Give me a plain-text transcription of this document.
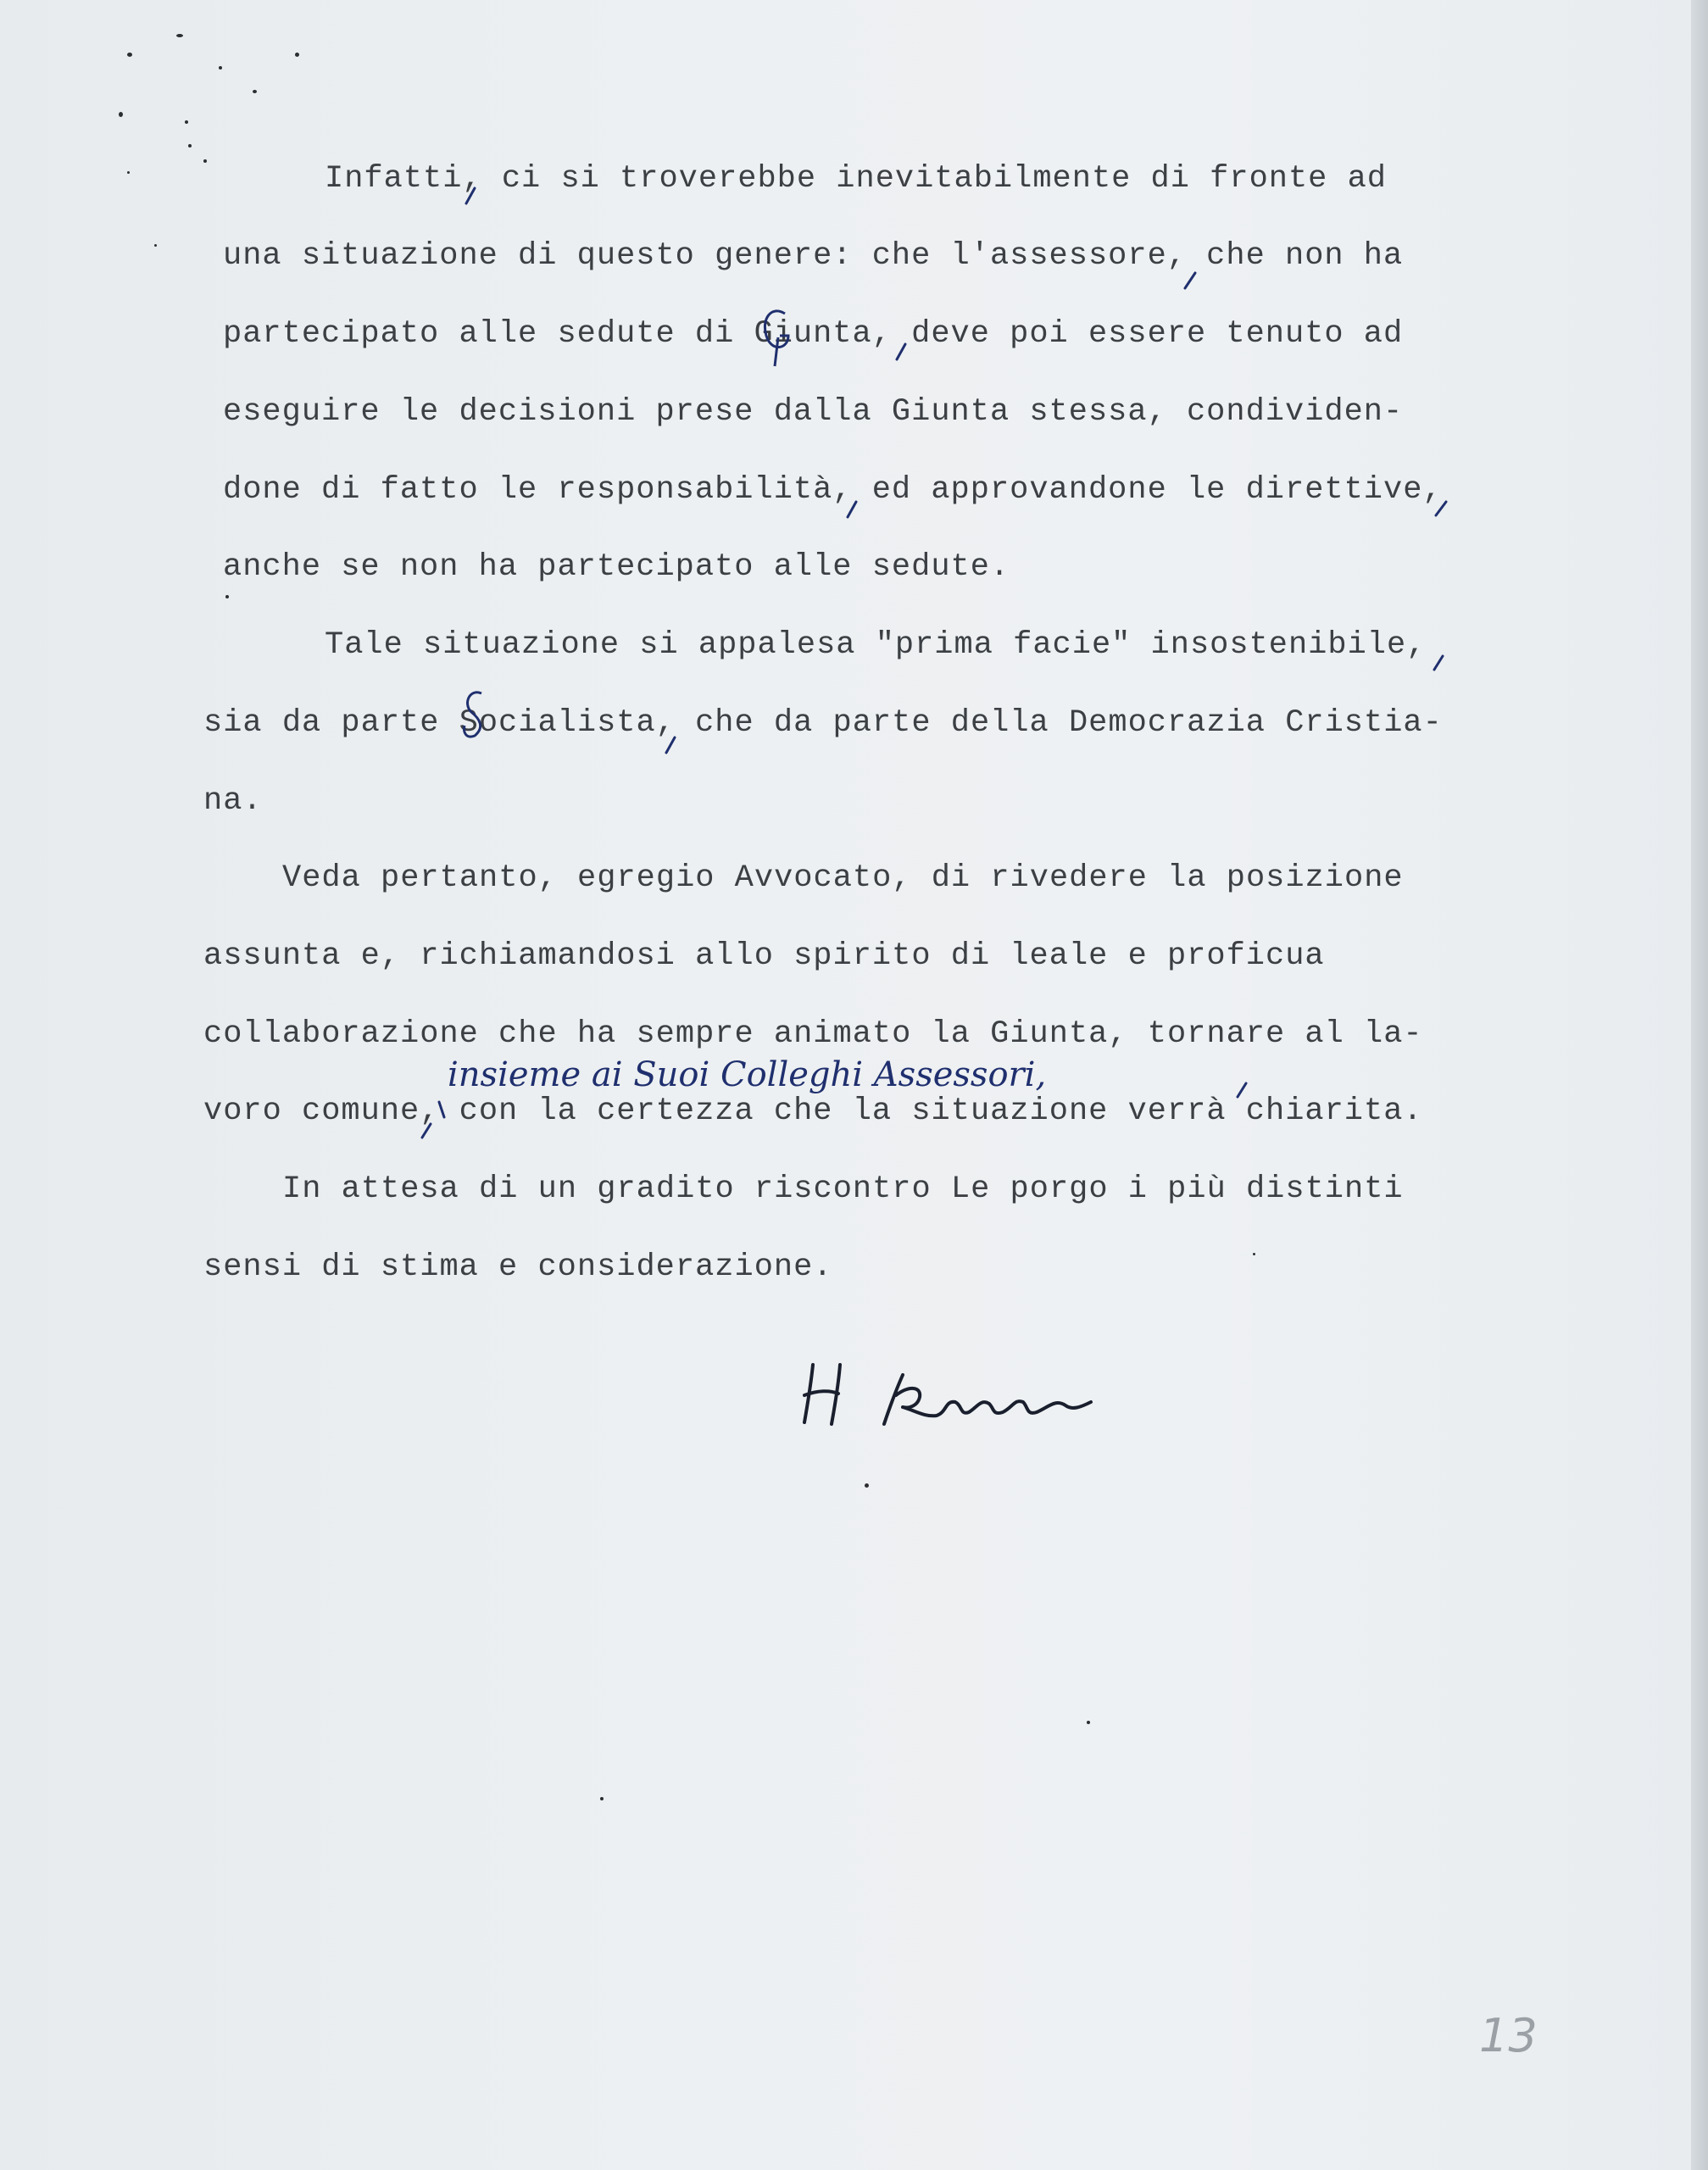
Infatti, ci si troverebbe inevitabilmente di fronte ad
una situazione di questo genere: che l'assessore, che non ha
partecipato alle sedute di Giunta, deve poi essere tenuto ad
eseguire le decisioni prese dalla Giunta stessa, condividen-
done di fatto le responsabilità, ed approvandone le direttive,
anche se non ha partecipato alle sedute.
Tale situazione si appalesa "prima facie" insostenibile,
sia da parte Socialista, che da parte della Democrazia Cristia-
na.
Veda pertanto, egregio Avvocato, di rivedere la posizione
assunta e, richiamandosi allo spirito di leale e proficua
collaborazione che ha sempre animato la Giunta, tornare al la-
voro comune, con la certezza che la situazione verrà chiarita.
In attesa di un gradito riscontro Le porgo i più distinti
sensi di stima e considerazione.
insieme ai Suoi Colleghi Assessori,
13
